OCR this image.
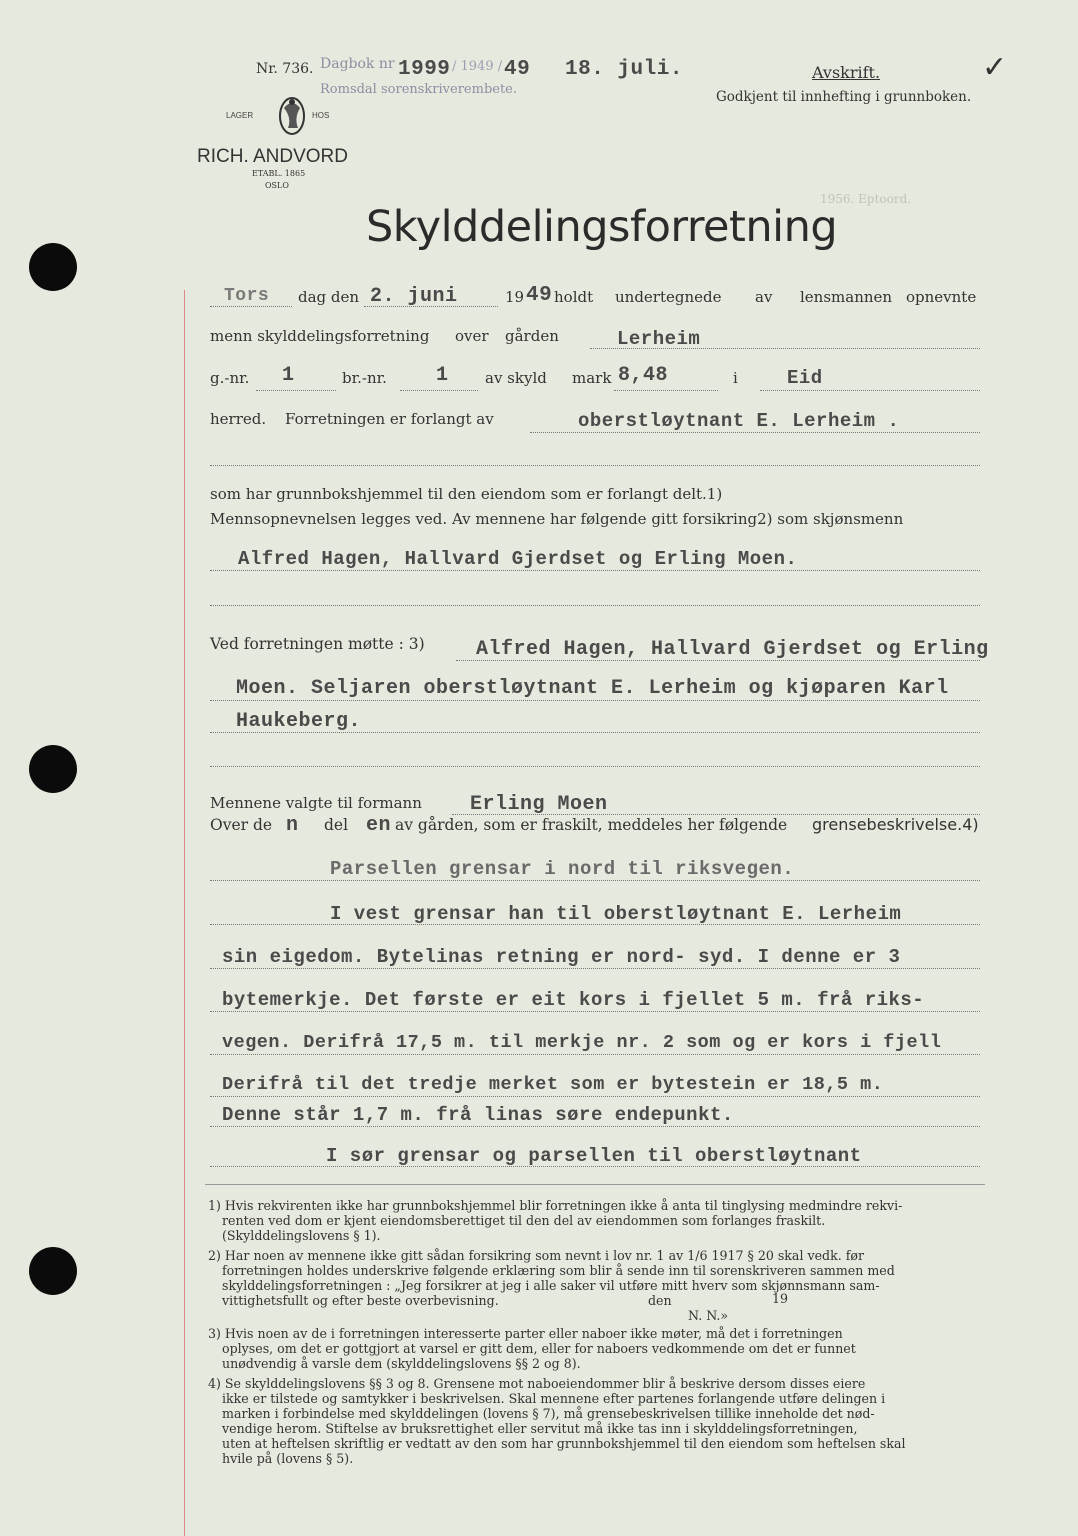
Nr. 736. Dagbok nr 1999 / 1949 / 49 18. juli.
Romsdal sorenskriverembete.
Avskrift.	✓
Godkjent til innhefting i grunnboken.
1956. Eptoord.
LAGER	HOS
RICH. ANDVORD
ETABL. 1865
OSLO
Skylddelingsforretning
Tors dag den 2. juni	19 49 holdt undertegnede av lensmannen opnevnte
menn skylddelingsforretning over gården	Lerheim
g.-nr. 1	br.-nr. 1 av skyld mark 8,48	i	Eid
herred. Forretningen er forlangt av	oberstløytnant E. Lerheim .
som har grunnbokshjemmel til den eiendom som er forlangt delt.1)
Mennsopnevnelsen legges ved. Av mennene har følgende gitt forsikring2) som skjønsmenn
Alfred Hagen, Hallvard Gjerdset og Erling Moen.
Ved forretningen møtte : 3)	Alfred Hagen, Hallvard Gjerdset og Erling
Moen. Seljaren oberstløytnant E. Lerheim og kjøparen Karl
Haukeberg.
Mennene valgte til formann Erling Moen
Over de n del en av gården, som er fraskilt, meddeles her følgende grensebeskrivelse.4)
Parsellen grensar i nord til riksvegen.
I vest grensar han til oberstløytnant E. Lerheim
sin eigedom. Bytelinas retning er nord- syd. I denne er 3
bytemerkje. Det første er eit kors i fjellet 5 m. frå riks-
vegen. Derifrå 17,5 m. til merkje nr. 2 som og er kors i fjell
Derifrå til det tredje merket som er bytestein er 18,5 m.
Denne står 1,7 m. frå linas søre endepunkt.
I sør grensar og parsellen til oberstløytnant
1) Hvis rekvirenten ikke har grunnbokshjemmel blir forretningen ikke å anta til tinglysing medmindre rekvi-
renten ved dom er kjent eiendomsberettiget til den del av eiendommen som forlanges fraskilt.
(Skylddelingslovens § 1).
2) Har noen av mennene ikke gitt sådan forsikring som nevnt i lov nr. 1 av 1/6 1917 § 20 skal vedk. før
forretningen holdes underskrive følgende erklæring som blir å sende inn til sorenskriveren sammen med
skylddelingsforretningen : „Jeg forsikrer at jeg i alle saker vil utføre mitt hverv som skjønnsmann sam-
vittighetsfullt og efter beste overbevisning.	den	19
N. N.»
3) Hvis noen av de i forretningen interesserte parter eller naboer ikke møter, må det i forretningen
oplyses, om det er gottgjort at varsel er gitt dem, eller for naboers vedkommende om det er funnet
unødvendig å varsle dem (skylddelingslovens §§ 2 og 8).
4) Se skylddelingslovens §§ 3 og 8. Grensene mot naboeiendommer blir å beskrive dersom disses eiere
ikke er tilstede og samtykker i beskrivelsen. Skal mennene efter partenes forlangende utføre delingen i
marken i forbindelse med skylddelingen (lovens § 7), må grensebeskrivelsen tillike inneholde det nød-
vendige herom. Stiftelse av bruksrettighet eller servitut må ikke tas inn i skylddelingsforretningen,
uten at heftelsen skriftlig er vedtatt av den som har grunnbokshjemmel til den eiendom som heftelsen skal
hvile på (lovens § 5).
